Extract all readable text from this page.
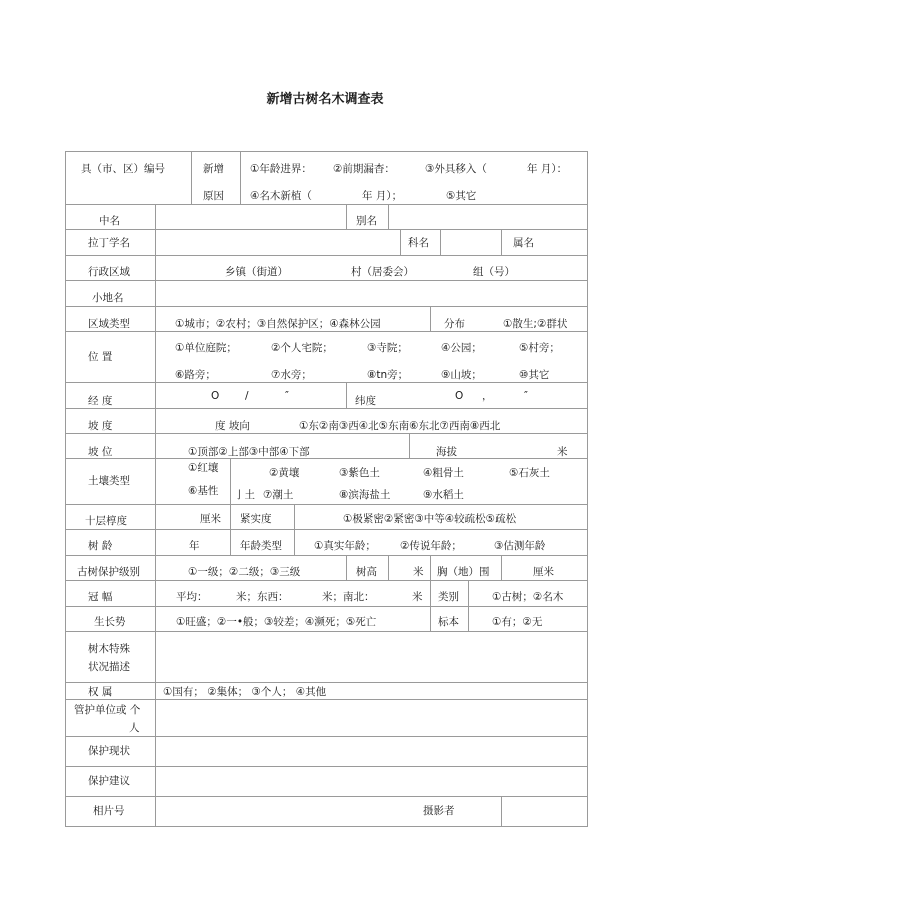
新增古树名木调查表
具（市、区）编号	新增
原因
①年龄进界： ②前期漏杳：	③外具移入（	年 月）：
④名木新植（	年 月）；	⑤其它
中名	别名
拉丁学名	科名	属名
行政区域	乡镇（街道）	村（居委会）	组（号）
小地名
区域类型	①城市；②农村；③自然保护区；④森林公园	分布	①散生;②群状
位 置
①单位庭院；	②个人宅院；	③寺院；	④公园；	⑤村旁；
⑥路旁；	⑦水旁；	⑧tn旁；	⑨山坡；	⑩其它
经 度	O /	″	纬度	O ，	″
坡 度	度 坡向	①东②南③西④北⑤东南⑥东北⑦西南⑧西北
坡 位	①顶部②上部③中部④下部	海拔	米
土壤类型
①红壤	②黄壤	③紫色土	④粗骨土	⑤石灰土
⑥基性 亅土 ⑦潮土	⑧滨海盐土	⑨水稻土
十层椁度	厘米 紧实度	①极紧密②紧密③中等④较疏松⑤疏松
树 龄	年	年龄类型	①真实年龄； ②传说年龄；	③估测年龄
古树保护级别	①一级；②二级；③三级	树高	米 胸（地）围	厘米
冠 幅	平均：	米；东西：	米；南北：	米 类别	①古树；②名木
生长势	①旺盛；②一•般；③较差；④濒死；⑤死亡	标本	①有；②无
树木特殊
状况描述
权 属	①国有； ②集体； ③个人； ④其他
管护单位或 个
人
保护现状
保护建议
相片号	摄影者
